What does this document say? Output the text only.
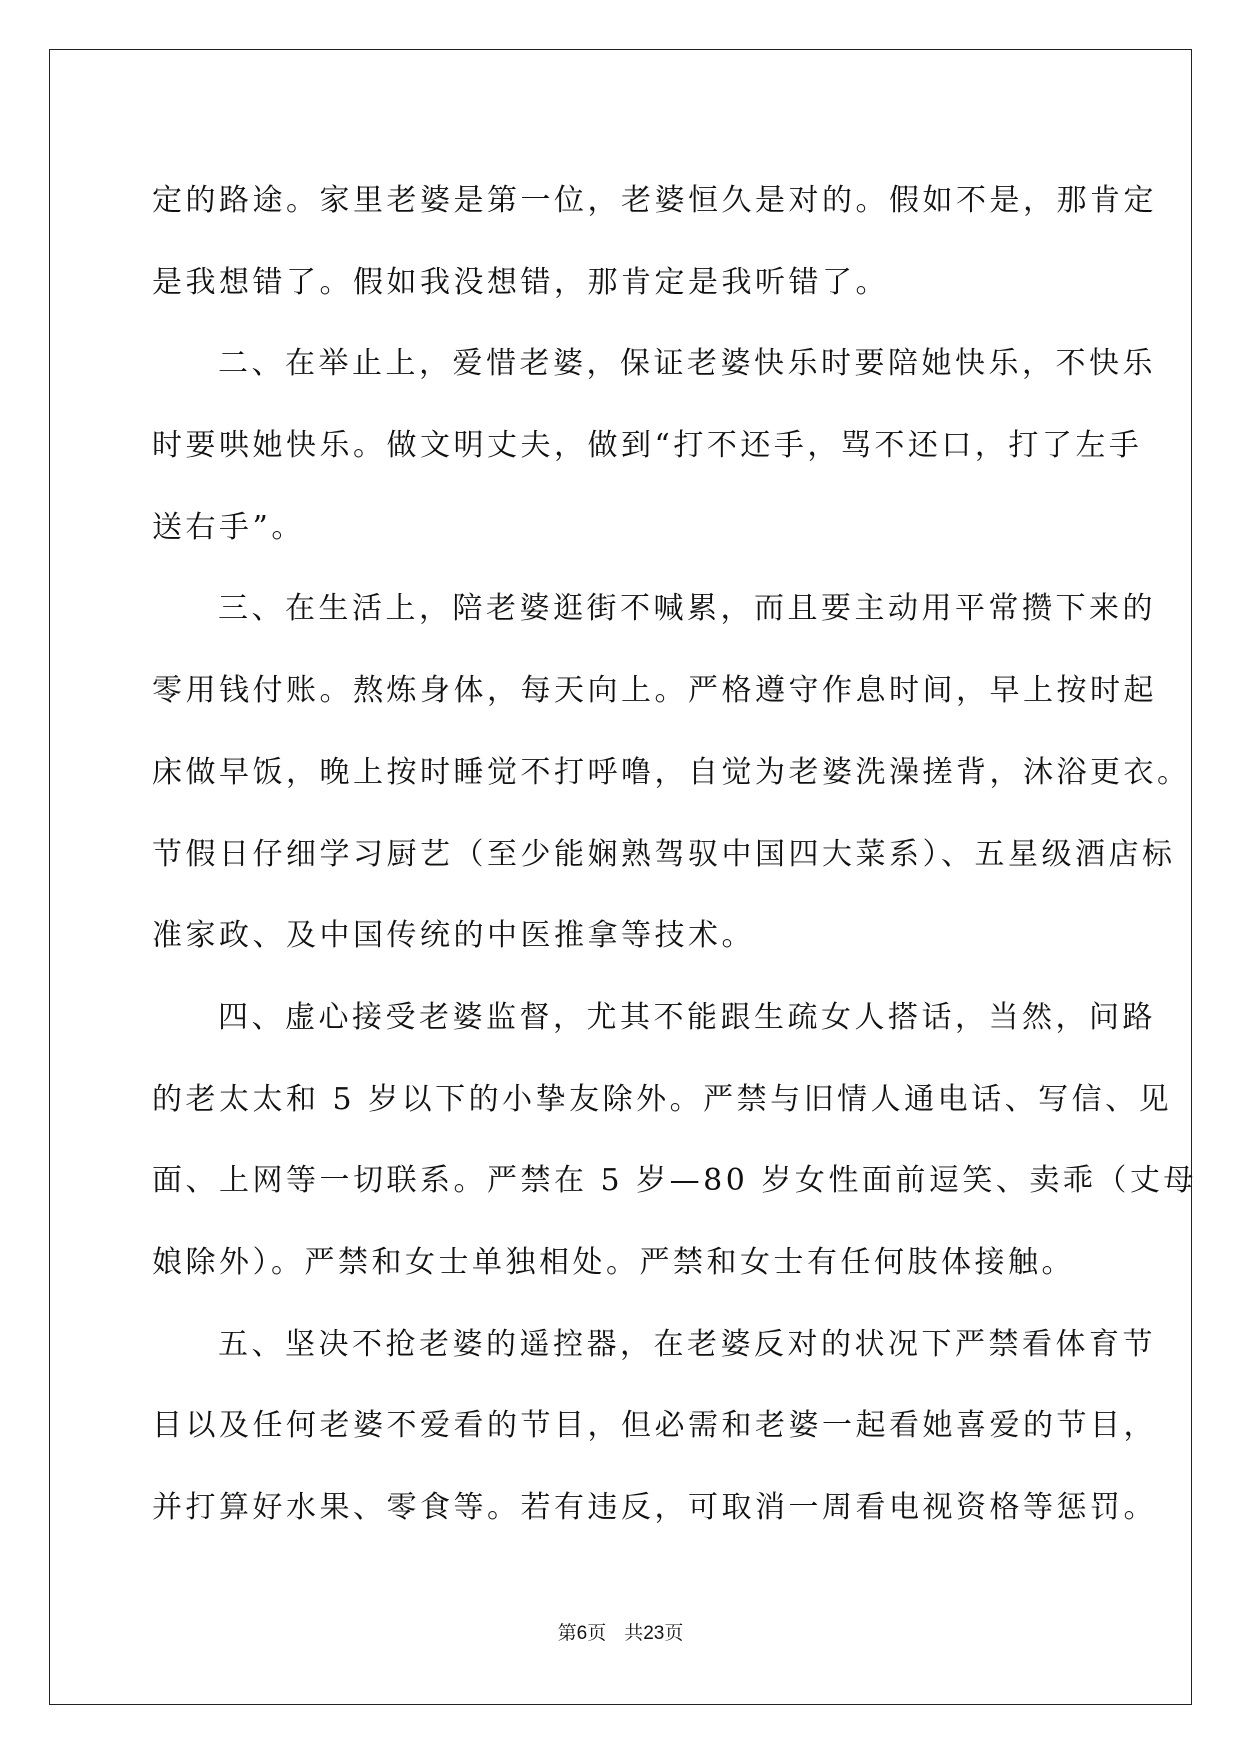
定的路途。家里老婆是第一位，老婆恒久是对的。假如不是，那肯定
是我想错了。假如我没想错，那肯定是我听错了。
二、在举止上，爱惜老婆，保证老婆快乐时要陪她快乐，不快乐
时要哄她快乐。做文明丈夫，做到“打不还手，骂不还口，打了左手
送右手”。
三、在生活上，陪老婆逛街不喊累，而且要主动用平常攒下来的
零用钱付账。熬炼身体，每天向上。严格遵守作息时间，早上按时起
床做早饭，晚上按时睡觉不打呼噜，自觉为老婆洗澡搓背，沐浴更衣。
节假日仔细学习厨艺（至少能娴熟驾驭中国四大菜系）、五星级酒店标
准家政、及中国传统的中医推拿等技术。
四、虚心接受老婆监督，尤其不能跟生疏女人搭话，当然，问路
的老太太和 5 岁以下的小挚友除外。严禁与旧情人通电话、写信、见
面、上网等一切联系。严禁在 5 岁—80 岁女性面前逗笑、卖乖（丈母
娘除外）。严禁和女士单独相处。严禁和女士有任何肢体接触。
五、坚决不抢老婆的遥控器，在老婆反对的状况下严禁看体育节
目以及任何老婆不爱看的节目，但必需和老婆一起看她喜爱的节目，
并打算好水果、零食等。若有违反，可取消一周看电视资格等惩罚。
第6页 共23页
